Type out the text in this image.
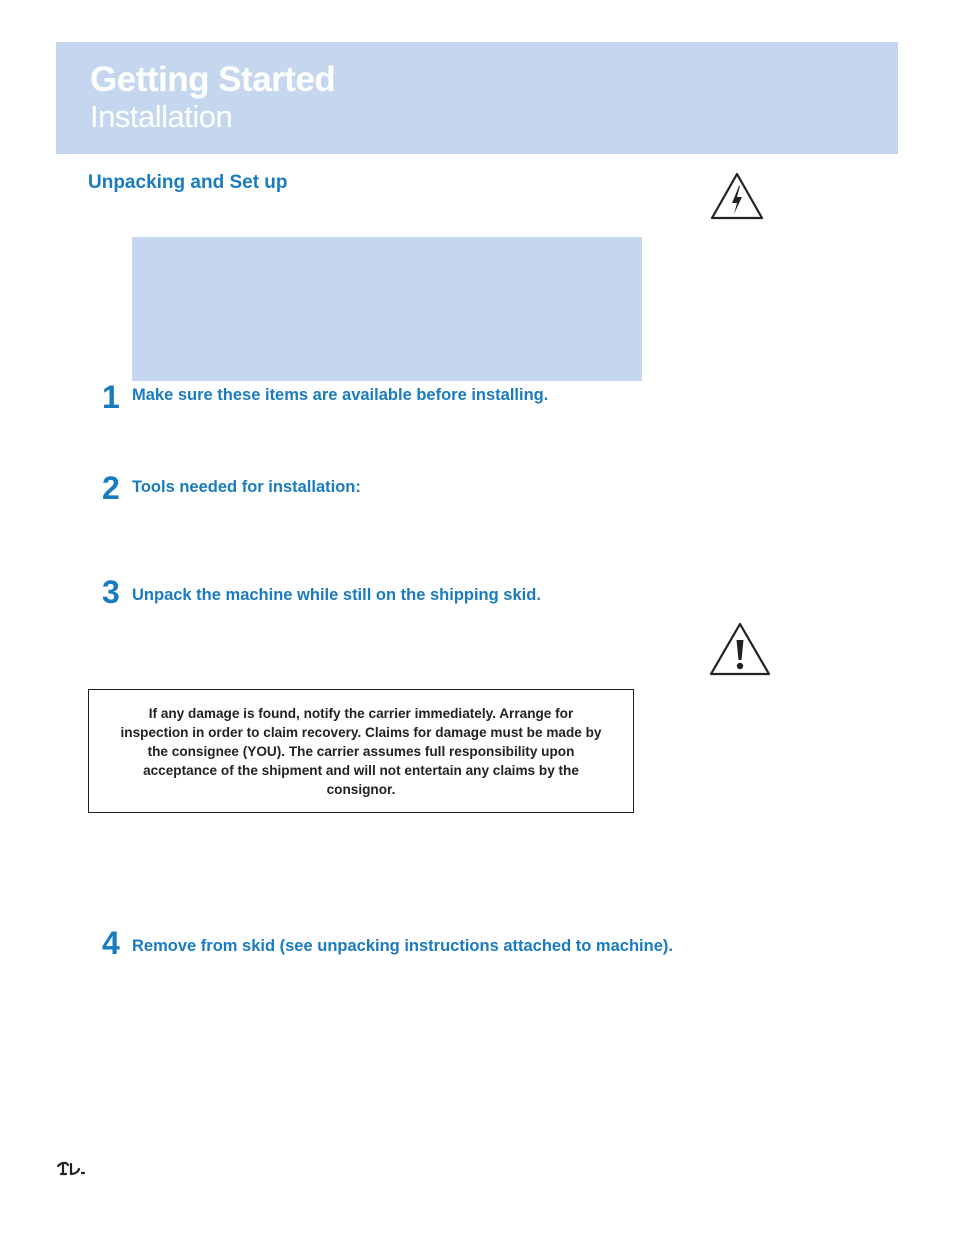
Getting Started
Installation
Unpacking and Set up
1 Make sure these items are available before installing.
2 Tools needed for installation:
3 Unpack the machine while still on the shipping skid.
If any damage is found, notify the carrier immediately. Arrange for inspection in order to claim recovery. Claims for damage must be made by the consignee (YOU). The carrier assumes full responsibility upon acceptance of the shipment and will not entertain any claims by the consignor.
4 Remove from skid (see unpacking instructions attached to machine).
